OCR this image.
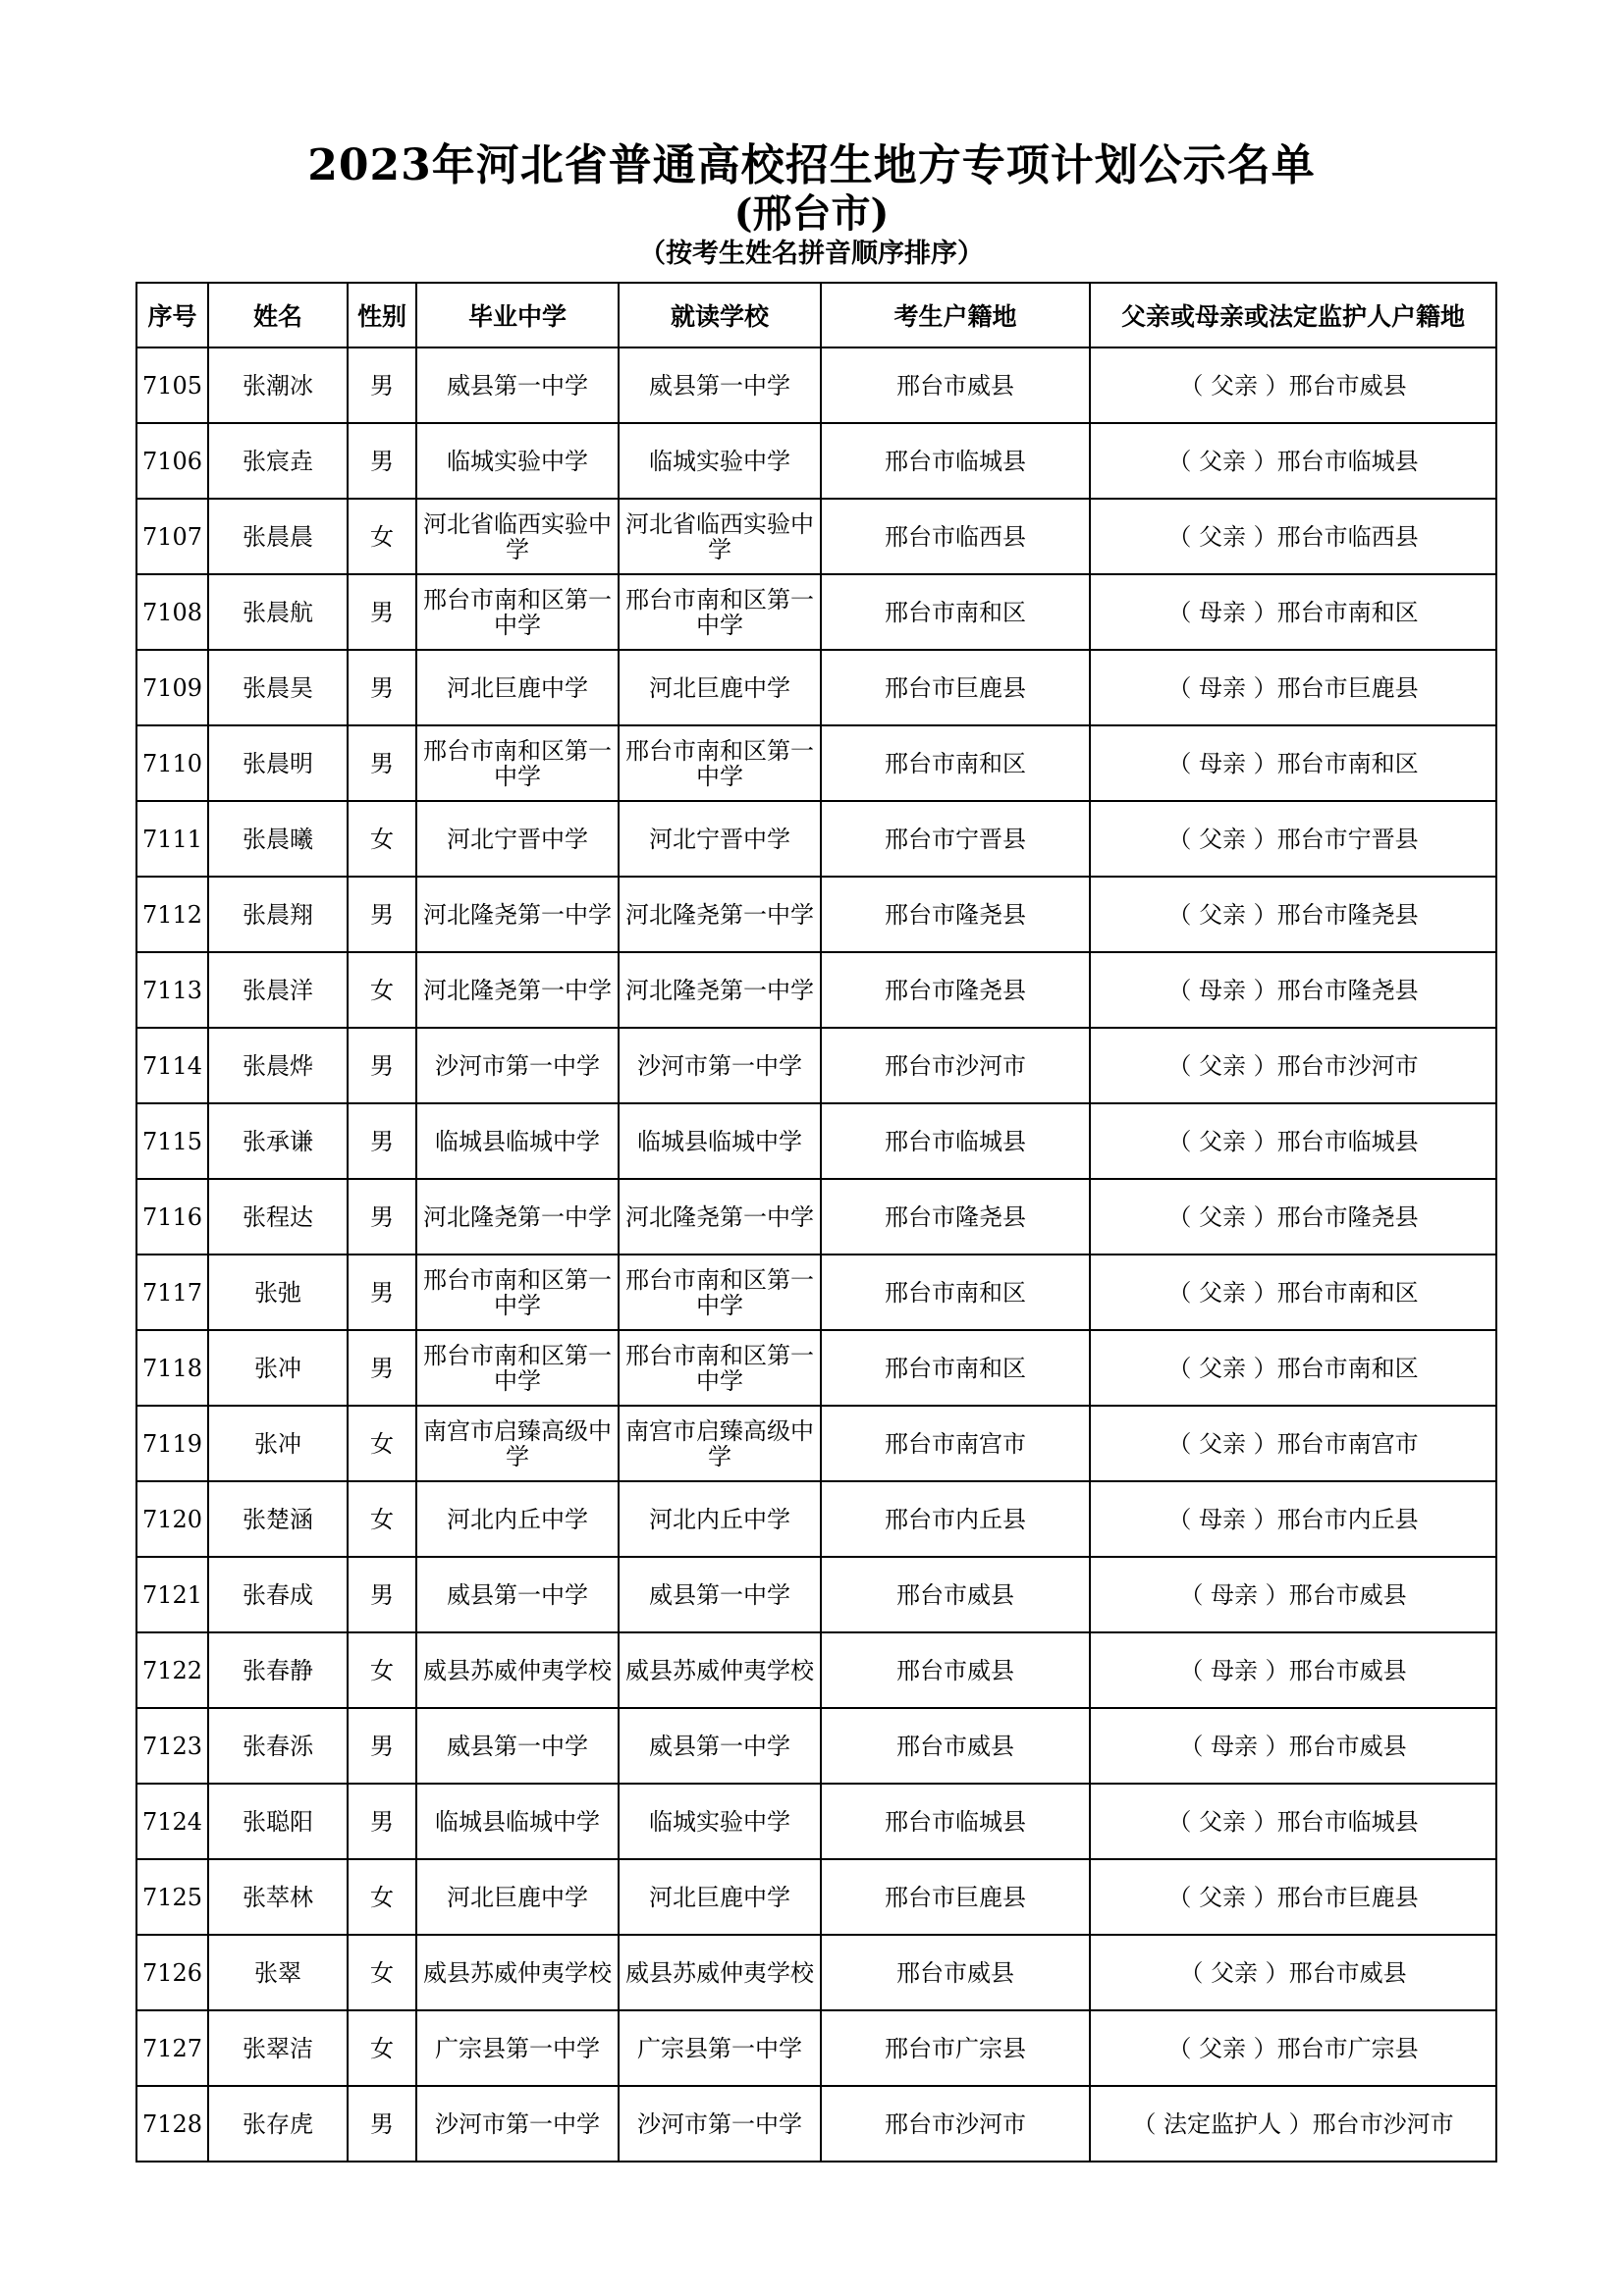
2023年河北省普通高校招生地方专项计划公示名单
(邢台市)
（按考生姓名拼音顺序排序）
序号	姓名	性别	毕业中学	就读学校	考生户籍地	父亲或母亲或法定监护人户籍地
7105	张潮冰	男	威县第一中学	威县第一中学	邢台市威县	（ 父亲 ）邢台市威县
7106	张宸垚	男	临城实验中学	临城实验中学	邢台市临城县	（ 父亲 ）邢台市临城县
7107	张晨晨	女	河北省临西实验中学	河北省临西实验中学	邢台市临西县	（ 父亲 ）邢台市临西县
7108	张晨航	男	邢台市南和区第一中学	邢台市南和区第一中学	邢台市南和区	（ 母亲 ）邢台市南和区
7109	张晨昊	男	河北巨鹿中学	河北巨鹿中学	邢台市巨鹿县	（ 母亲 ）邢台市巨鹿县
7110	张晨明	男	邢台市南和区第一中学	邢台市南和区第一中学	邢台市南和区	（ 母亲 ）邢台市南和区
7111	张晨曦	女	河北宁晋中学	河北宁晋中学	邢台市宁晋县	（ 父亲 ）邢台市宁晋县
7112	张晨翔	男	河北隆尧第一中学	河北隆尧第一中学	邢台市隆尧县	（ 父亲 ）邢台市隆尧县
7113	张晨洋	女	河北隆尧第一中学	河北隆尧第一中学	邢台市隆尧县	（ 母亲 ）邢台市隆尧县
7114	张晨烨	男	沙河市第一中学	沙河市第一中学	邢台市沙河市	（ 父亲 ）邢台市沙河市
7115	张承谦	男	临城县临城中学	临城县临城中学	邢台市临城县	（ 父亲 ）邢台市临城县
7116	张程达	男	河北隆尧第一中学	河北隆尧第一中学	邢台市隆尧县	（ 父亲 ）邢台市隆尧县
7117	张弛	男	邢台市南和区第一中学	邢台市南和区第一中学	邢台市南和区	（ 父亲 ）邢台市南和区
7118	张冲	男	邢台市南和区第一中学	邢台市南和区第一中学	邢台市南和区	（ 父亲 ）邢台市南和区
7119	张冲	女	南宫市启臻高级中学	南宫市启臻高级中学	邢台市南宫市	（ 父亲 ）邢台市南宫市
7120	张楚涵	女	河北内丘中学	河北内丘中学	邢台市内丘县	（ 母亲 ）邢台市内丘县
7121	张春成	男	威县第一中学	威县第一中学	邢台市威县	（ 母亲 ）邢台市威县
7122	张春静	女	威县苏威仲夷学校	威县苏威仲夷学校	邢台市威县	（ 母亲 ）邢台市威县
7123	张春泺	男	威县第一中学	威县第一中学	邢台市威县	（ 母亲 ）邢台市威县
7124	张聪阳	男	临城县临城中学	临城实验中学	邢台市临城县	（ 父亲 ）邢台市临城县
7125	张萃林	女	河北巨鹿中学	河北巨鹿中学	邢台市巨鹿县	（ 父亲 ）邢台市巨鹿县
7126	张翠	女	威县苏威仲夷学校	威县苏威仲夷学校	邢台市威县	（ 父亲 ）邢台市威县
7127	张翠洁	女	广宗县第一中学	广宗县第一中学	邢台市广宗县	（ 父亲 ）邢台市广宗县
7128	张存虎	男	沙河市第一中学	沙河市第一中学	邢台市沙河市	（ 法定监护人 ）邢台市沙河市
